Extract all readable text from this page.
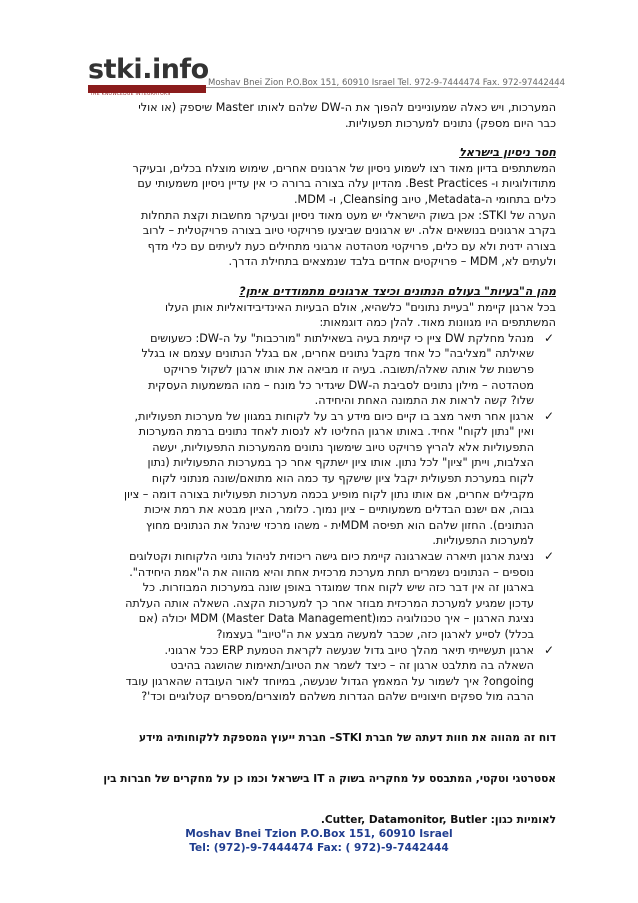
stki.info
THE KNOWLEDGE INTEGRATORS
Moshav Bnei Zion P.O.Box 151, 60910 Israel Tel. 972-9-7444474 Fax. 972-97442444

המערכות, ויש כאלה שמעוניינים להפוך את ה-DW שלהם לאותו Master שיספק (או אולי

כבר היום מספק) נתונים למערכות תפעוליות.

חסר ניסיון בישראל

המשתתפים בדיון מאוד רצו לשמוע ניסיון של ארגונים אחרים, שימוש מוצלח בכלים, ובעיקר

מתודולוגיות ו- Best Practices. מהדיון עלה בצורה ברורה כי אין עדיין ניסיון משמעותי עם

כלים בתחומי ה-Metadata, טיוב Cleansing, ו- MDM.

הערה של STKI: אכן בשוק הישראלי יש מעט מאוד ניסיון ובעיקר מחשבות וקצת התחלות

בקרב ארגונים בנושאים אלה. יש ארגונים שביצעו פרויקטי טיוב בצורה פרויקטלית – לרוב

בצורה ידנית ולא עם כלים, פרויקטי מטהדטה ארגוני מתחילים כעת לעיתים עם כלי מדף

ולעתים לא, MDM – פרויקטים אחדים בלבד שנמצאים בתחילת הדרך.

מהן ה"בעיות" בעולם הנתונים וכיצד ארגונים מתמודדים איתן?

בכל ארגון קיימת "בעיית נתונים" כלשהיא, אולם הבעיות האינדיבידואליות אותן העלו

המשתתפים היו מגוונות מאוד. להלן כמה דוגמאות:

✓

מנהל מחלקת DW ציין כי קיימת בעיה בשאילתות "מורכבות" על ה-DW: כשעושים

שאילתה "מצליבה" כל אחד מקבל נתונים אחרים, אם בגלל הנתונים עצמם או בגלל

פרשנות של אותה שאלה/תשובה. בעיה זו מביאה את אותו ארגון לשקול פרויקט

מטהדטה – מילון נתונים לסביבת ה-DW שיגדיר כל מונח – מהו המשמעות העסקית

שלו? קשה לראות את התמונה האחת והיחידה.

✓

ארגון אחר תיאר מצב בו קיים כיום מידע רב על לקוחות במגוון של מערכות תפעוליות,

ואין "נתון לקוח" אחיד. באותו ארגון החליטו לא לנסות לאחד נתונים ברמת המערכות

התפעוליות אלא להריץ פרויקט טיוב שימשוך נתונים מהמערכות התפעוליות, יעשה

הצלבות, וייתן "ציון" לכל נתון. אותו ציון ישתקף אחר כך במערכות התפעוליות (נתון

לקוח במערכת תפעולית יקבל ציון שישקף עד כמה הוא מתואם/שונה מנתוני לקוח

מקבילים אחרים, אם אותו נתון לקוח מופיע בכמה מערכות תפעוליות בצורה דומה – ציון

גבוה, אם ישנם הבדלים משמעותיים – ציון נמוך. כלומר, הציון מבטא את רמת איכות

הנתונים). החזון שלהם הוא תפיסה MDMית - משהו מרכזי שינהל את הנתונים מחוץ

למערכות התפעוליות.

✓

נציגת ארגון תיארה שבארגונה קיימת כיום גישה ריכוזית לניהול נתוני הלקוחות וקטלוגים

נוספים – הנתונים נשמרים תחת מערכת מרכזית אחת והיא מהווה את ה"אמת היחידה".

בארגון זה אין דבר כזה שיש לקוח אחד שמוגדר באופן שונה במערכות המבוזרות. כל

עדכון שמגיע למערכת המרכזית מבוזר אחר כך למערכות הקצה. השאלה אותה העלתה

נציגת הארגון – איך טכנולוגיה כמוMDM (Master Data Management) יכולה (אם

בכלל) לסייע לארגון כזה, שכבר למעשה מבצע את ה"טיוב" בעצמו?

✓

ארגון תעשייתי תיאר מהלך טיוב גדול שנעשה לקראת הטמעת ERP ככל ארגוני.

השאלה בה מתלבט ארגון זה – כיצד לשמר את הטיוב/תאימות שהושגה בהיבט

ongoing? איך לשמור על המאמץ הגדול שנעשה, במיוחד לאור העובדה שהארגון עובד

הרבה מול ספקים חיצוניים שלהם הגדרות משלהם למוצרים/מספרים קטלוגיים וכד'?

דוח זה מהווה את חוות דעתה של חברת STKI– חברת ייעוץ המספקת ללקוחותיה מידע

אסטרטגי וטקטי, המתבסס על מחקריה בשוק ה IT בישראל וכמו כן על מחקרים של חברות בין

לאומיות כגון: Cutter, Datamonitor, Butler.

Moshav Bnei Tzion P.O.Box 151, 60910 Israel
Tel: (972)-9-7444474 Fax: ( 972)-9-7442444
